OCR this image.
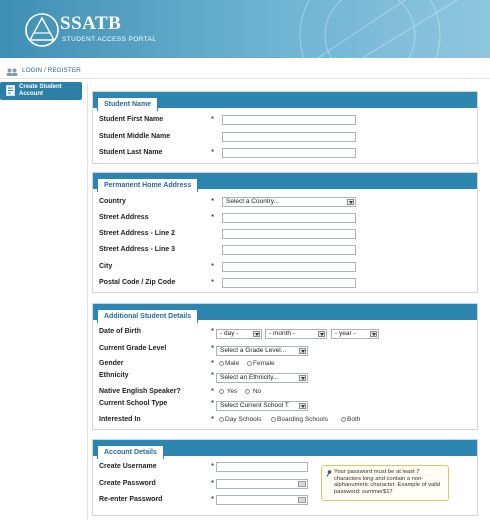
SSATB
STUDENT ACCESS PORTAL
LOGIN / REGISTER
Create Student Account
Student Name
Student First Name	*
Student Middle Name
Student Last Name	*
Permanent Home Address
Country	*	Select a Country...
Street Address	*
Street Address - Line 2
Street Address - Line 3
City	*
Postal Code / Zip Code	*
Additional Student Details
Date of Birth	* - day -	- month -	- year -
Current Grade Level	* Select a Grade Level...
Gender	*	Male	Female
Ethnicity	* Select an Ethnicity...
Native English Speaker?	*	Yes	No
Current School Type	* Select Current School T
Interested In	*	Day Schools	Boarding Schools	Both
Account Details
Create Username	*
Create Password	*
Re-enter Password	*
Your password must be at least 7 characters long and contain a non-alphanumeric character. Example of valid password: summer$17
